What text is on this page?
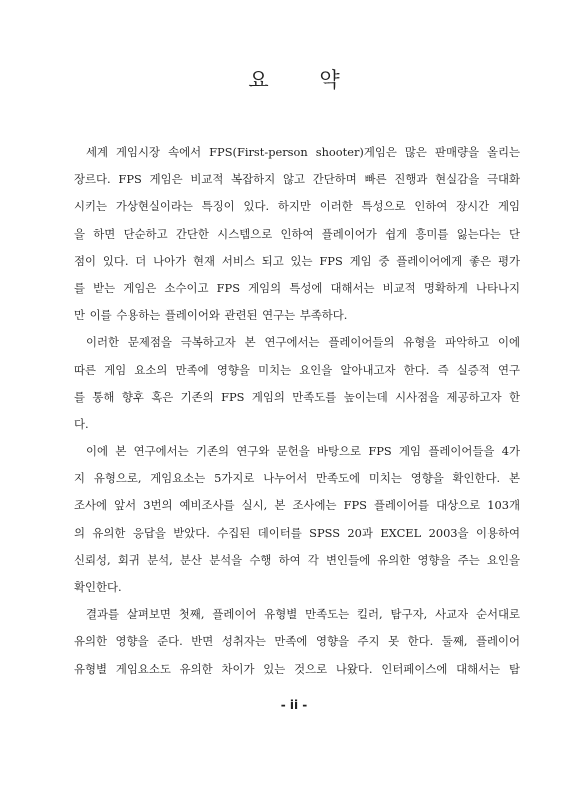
요 약
세계 게임시장 속에서 FPS(First-person shooter)게임은 많은 판매량을 올리는
장르다. FPS 게임은 비교적 복잡하지 않고 간단하며 빠른 진행과 현실감을 극대화
시키는 가상현실이라는 특징이 있다. 하지만 이러한 특성으로 인하여 장시간 게임
을 하면 단순하고 간단한 시스템으로 인하여 플레이어가 쉽게 흥미를 잃는다는 단
점이 있다. 더 나아가 현재 서비스 되고 있는 FPS 게임 중 플레이어에게 좋은 평가
를 받는 게임은 소수이고 FPS 게임의 특성에 대해서는 비교적 명확하게 나타나지
만 이를 수용하는 플레이어와 관련된 연구는 부족하다.
이러한 문제점을 극복하고자 본 연구에서는 플레이어들의 유형을 파악하고 이에
따른 게임 요소의 만족에 영향을 미치는 요인을 알아내고자 한다. 즉 실증적 연구
를 통해 향후 혹은 기존의 FPS 게임의 만족도를 높이는데 시사점을 제공하고자 한
다.
이에 본 연구에서는 기존의 연구와 문헌을 바탕으로 FPS 게임 플레이어들을 4가
지 유형으로, 게임요소는 5가지로 나누어서 만족도에 미치는 영향을 확인한다. 본
조사에 앞서 3번의 예비조사를 실시, 본 조사에는 FPS 플레이어를 대상으로 103개
의 유의한 응답을 받았다. 수집된 데이터를 SPSS 20과 EXCEL 2003을 이용하여
신뢰성, 회귀 분석, 분산 분석을 수행 하여 각 변인들에 유의한 영향을 주는 요인을
확인한다.
결과를 살펴보면 첫째, 플레이어 유형별 만족도는 킬러, 탐구자, 사교자 순서대로
유의한 영향을 준다. 반면 성취자는 만족에 영향을 주지 못 한다. 둘째, 플레이어
유형별 게임요소도 유의한 차이가 있는 것으로 나왔다. 인터페이스에 대해서는 탐

- ii -
